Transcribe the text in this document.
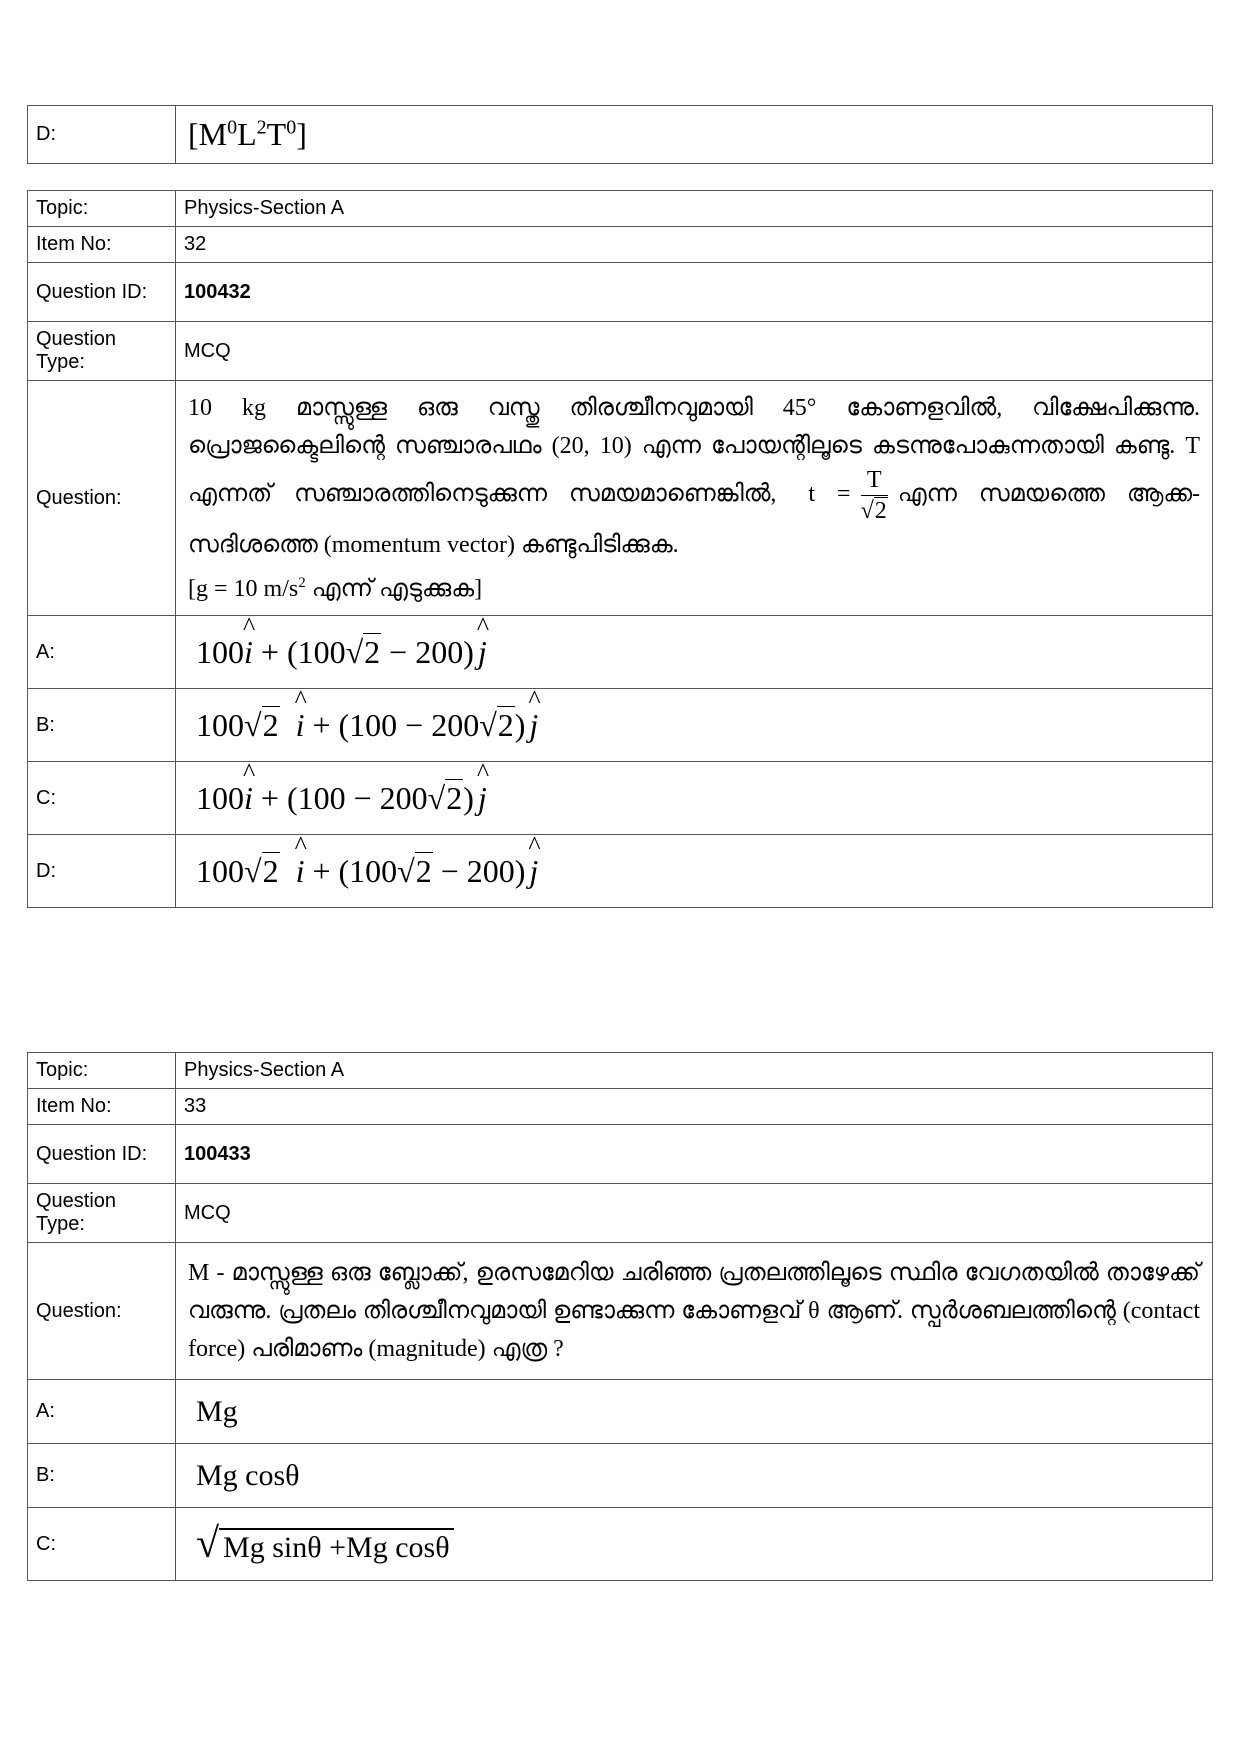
D:	$[M^0L^2T^0]$
Topic:	Physics-Section A
Item No:	32
Question ID:	100432
Question Type:	MCQ
Question:	10 kg മാസ്സുള്ള ഒരു വസ്തു തിരശ്ചീനവുമായി 45° കോണളവിൽ, വിക്ഷേപിക്കുന്നു. പ്രൊജക്ടൈലിന്റെ സഞ്ചാരപഥം (20, 10) എന്ന പോയന്റിലൂടെ കടന്നുപോകുന്നതായി കണ്ടു. T എന്നത് സഞ്ചാരത്തിനെടുക്കുന്ന സമയമാണെങ്കിൽ, $t = \frac{T}{√2}$ എന്ന സമയത്തെ ആക്ക- സദിശത്തെ (momentum vector) കണ്ടുപിടിക്കുക.
[g = 10 $m/s^2$ എന്ന് എടുക്കുക]
A:	100^ i + (100√2 − 200) ^ j
B:	100√2 ^ i + (100 − 200√2) ^ j
C:	100^ i + (100 − 200√2) ^ j
D:	100√2 ^ i + (100√2 − 200) ^ j
Topic:	Physics-Section A
Item No:	33
Question ID:	100433
Question Type:	MCQ
Question:	M - മാസ്സുള്ള ഒരു ബ്ലോക്ക്, ഉരസമേറിയ ചരിഞ്ഞ പ്രതലത്തിലൂടെ സ്ഥിര വേഗതയിൽ താഴേക്ക് വരുന്നു. പ്രതലം തിരശ്ചീനവുമായി ഉണ്ടാക്കുന്ന കോണളവ് θ ആണ്. സ്പർശബലത്തിന്റെ (contact force) പരിമാണം (magnitude) എത്ര ?
A:	Mg
B:	Mg cosθ
C:	√ Mg sinθ +Mg cosθ
